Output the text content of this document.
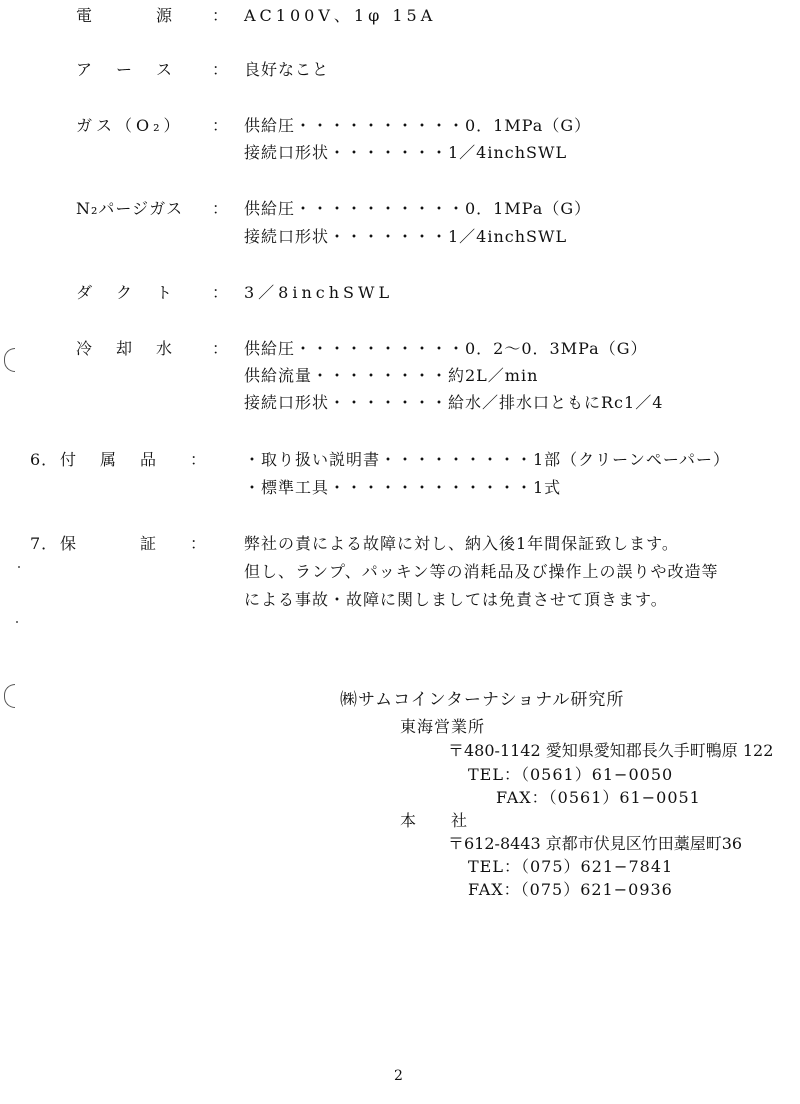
電　　　源 ： AC100V、1φ 15A
ア　ー　ス ： 良好なこと
ガス（O₂） ： 供給圧・・・・・・・・・・0．1MPa（G）
接続口形状・・・・・・・1／4inchSWL
N₂パージガス ： 供給圧・・・・・・・・・・0．1MPa（G）
接続口形状・・・・・・・1／4inchSWL
ダ　ク　ト ： 3／8inchSWL
冷　却　水 ： 供給圧・・・・・・・・・・0．2〜0．3MPa（G）
供給流量・・・・・・・・約2L／min
接続口形状・・・・・・・給水／排水口ともにRc1／4
6． 付　属　品 ： ・取り扱い説明書・・・・・・・・・1部（クリーンペーパー）
・標準工具・・・・・・・・・・・・1式
7． 保　　　証 ： 弊社の責による故障に対し、納入後1年間保証致します。
但し、ランプ、パッキン等の消耗品及び操作上の誤りや改造等
による事故・故障に関しましては免責させて頂きます。
㈱サムコインターナショナル研究所
東海営業所
〒480-1142 愛知県愛知郡長久手町鴨原 122
TEL：（0561）61−0050
FAX：（0561）61−0051
本　　社
〒612-8443 京都市伏見区竹田藁屋町36
TEL：（075）621−7841
FAX：（075）621−0936
2
